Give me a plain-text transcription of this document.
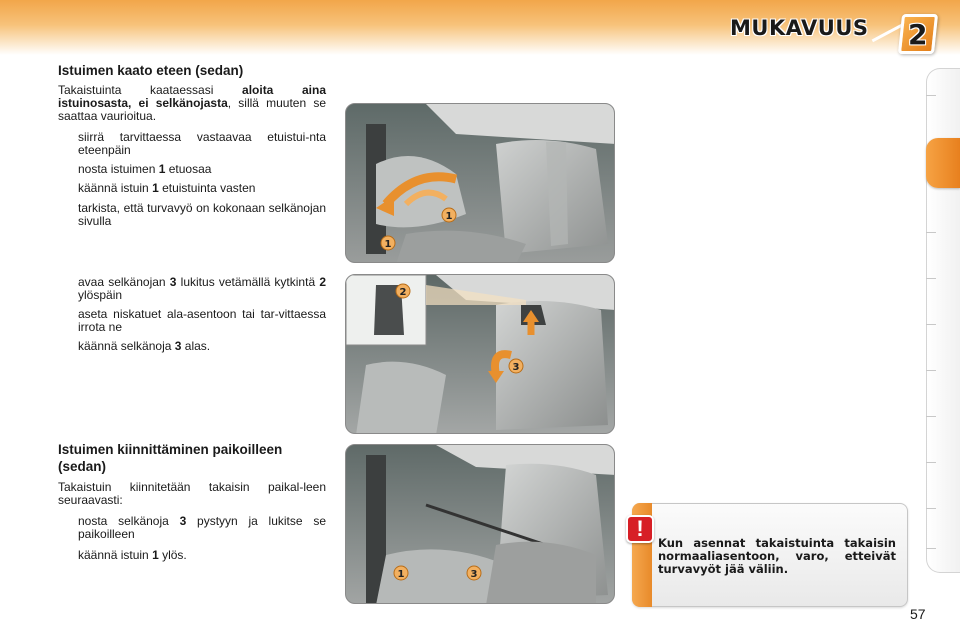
MUKAVUUS 2
Istuimen kaato eteen (sedan)
Takaistuinta kaataessasi aloita aina istuinosasta, ei selkänojasta, sillä muuten se saattaa vaurioitua.
siirrä tarvittaessa vastaavaa etuistui-nta eteenpäin
nosta istuimen 1 etuosaa
käännä istuin 1 etuistuinta vasten
tarkista, että turvavyö on kokonaan selkänojan sivulla
avaa selkänojan 3 lukitus vetämällä kytkintä 2 ylöspäin
aseta niskatuet ala-asentoon tai tar-vittaessa irrota ne
käännä selkänoja 3 alas.
Istuimen kiinnittäminen paikoilleen (sedan)
Takaistuin kiinnitetään takaisin paikal-leen seuraavasti:
nosta selkänoja 3 pystyyn ja lukitse se paikoilleen
käännä istuin 1 ylös.
1
1
2
3
1	3
!
Kun asennat takaistuinta takaisin normaaliasentoon, varo, etteivät turvavyöt jää väliin.
57
